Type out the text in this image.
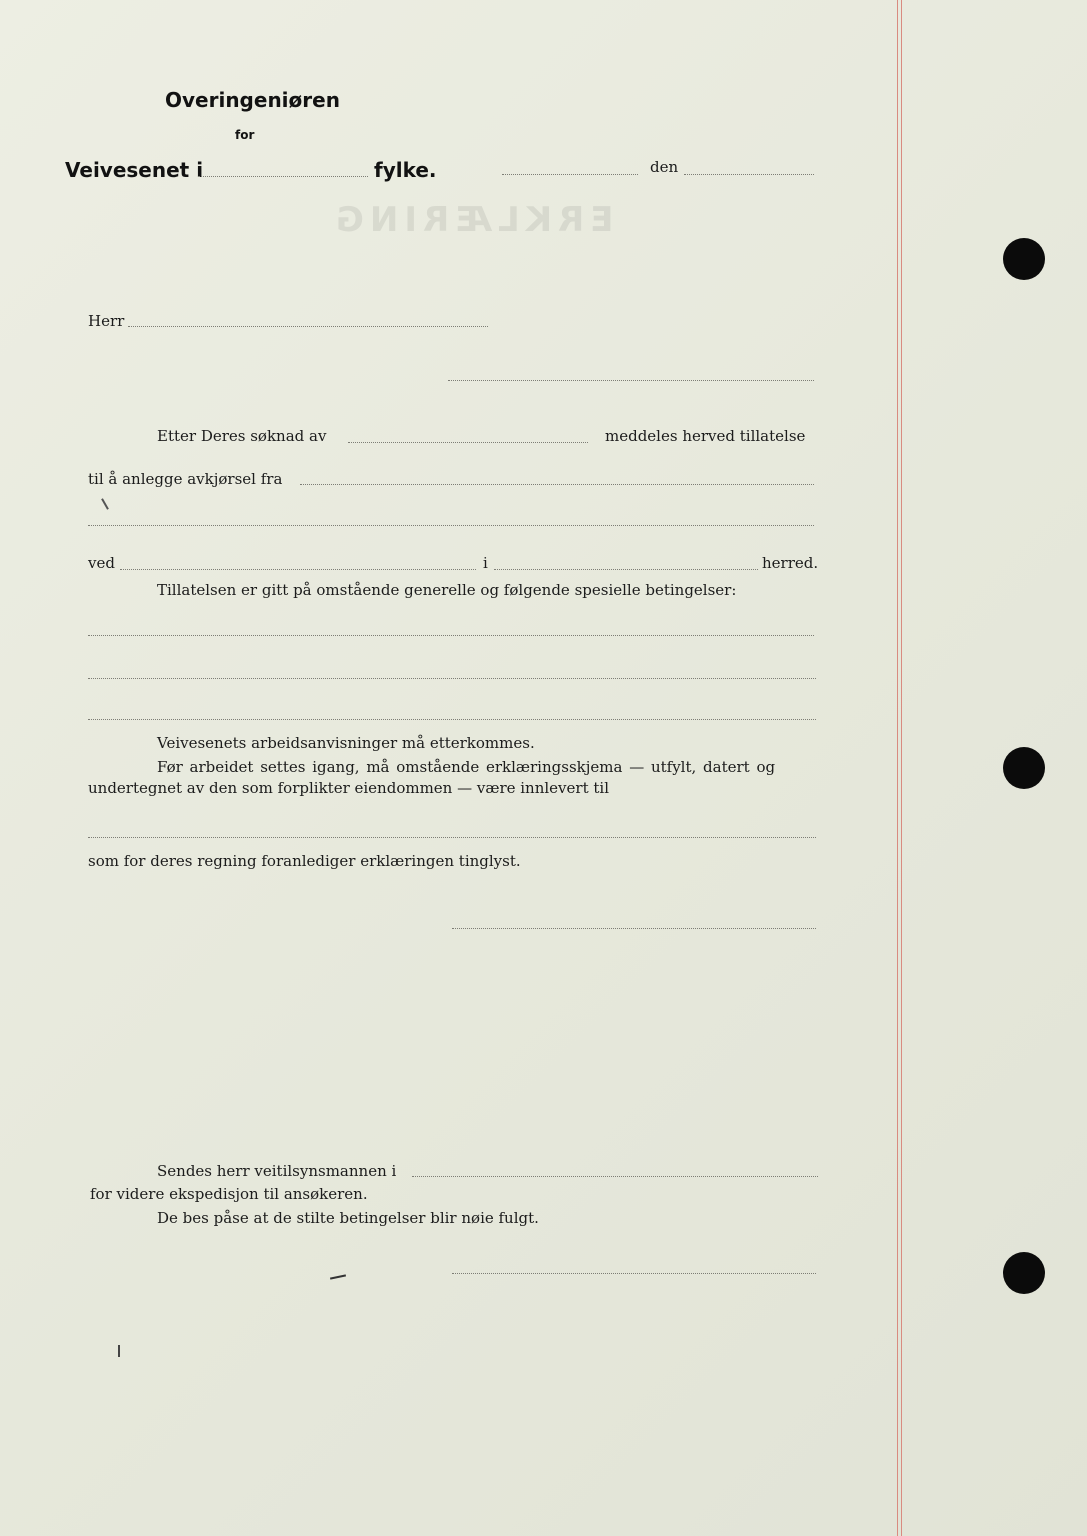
ERKLÆRING
Overingeniøren
for
Veivesenet i	fylke.	den
Herr
Etter Deres søknad av	meddeles herved tillatelse
til å anlegge avkjørsel fra
ved	i	herred.
Tillatelsen er gitt på omstående generelle og følgende spesielle betingelser:
Veivesenets arbeidsanvisninger må etterkommes.
Før arbeidet settes igang, må omstående erklæringsskjema — utfylt, datert og
undertegnet av den som forplikter eiendommen — være innlevert til
som for deres regning foranlediger erklæringen tinglyst.
Sendes herr veitilsynsmannen i
for videre ekspedisjon til ansøkeren.
De bes påse at de stilte betingelser blir nøie fulgt.
